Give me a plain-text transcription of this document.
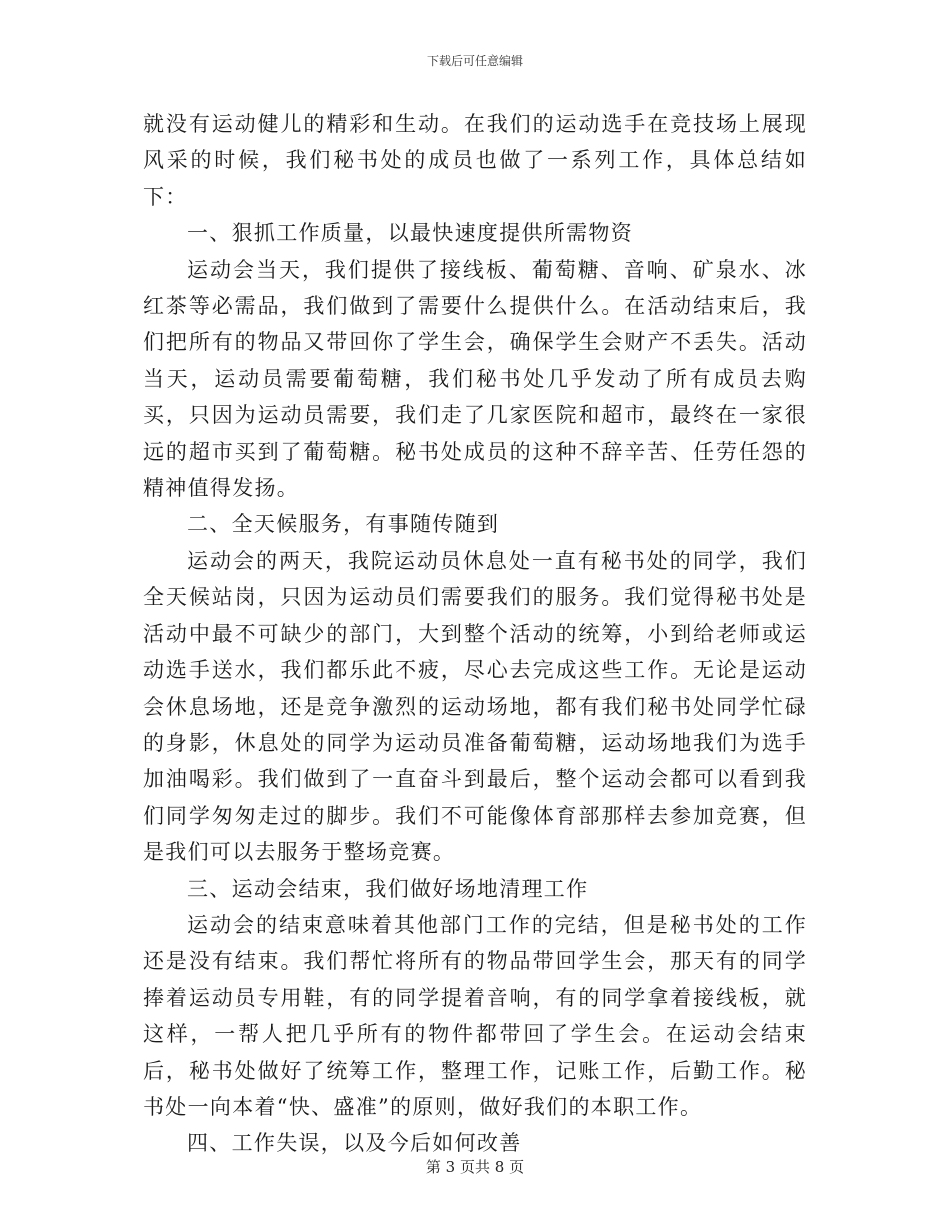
下载后可任意编辑

就没有运动健儿的精彩和生动。在我们的运动选手在竞技场上展现风采的时候，我们秘书处的成员也做了一系列工作，具体总结如下：

一、狠抓工作质量，以最快速度提供所需物资

运动会当天，我们提供了接线板、葡萄糖、音响、矿泉水、冰红茶等必需品，我们做到了需要什么提供什么。在活动结束后，我们把所有的物品又带回你了学生会，确保学生会财产不丢失。活动当天，运动员需要葡萄糖，我们秘书处几乎发动了所有成员去购买，只因为运动员需要，我们走了几家医院和超市，最终在一家很远的超市买到了葡萄糖。秘书处成员的这种不辞辛苦、任劳任怨的精神值得发扬。

二、全天候服务，有事随传随到

运动会的两天，我院运动员休息处一直有秘书处的同学，我们全天候站岗，只因为运动员们需要我们的服务。我们觉得秘书处是活动中最不可缺少的部门，大到整个活动的统筹，小到给老师或运动选手送水，我们都乐此不疲，尽心去完成这些工作。无论是运动会休息场地，还是竞争激烈的运动场地，都有我们秘书处同学忙碌的身影，休息处的同学为运动员准备葡萄糖，运动场地我们为选手加油喝彩。我们做到了一直奋斗到最后，整个运动会都可以看到我们同学匆匆走过的脚步。我们不可能像体育部那样去参加竞赛，但是我们可以去服务于整场竞赛。

三、运动会结束，我们做好场地清理工作

运动会的结束意味着其他部门工作的完结，但是秘书处的工作还是没有结束。我们帮忙将所有的物品带回学生会，那天有的同学捧着运动员专用鞋，有的同学提着音响，有的同学拿着接线板，就这样，一帮人把几乎所有的物件都带回了学生会。在运动会结束后，秘书处做好了统筹工作，整理工作，记账工作，后勤工作。秘书处一向本着“快、盛准”的原则，做好我们的本职工作。

四、工作失误，以及今后如何改善

第 3 页共 8 页
